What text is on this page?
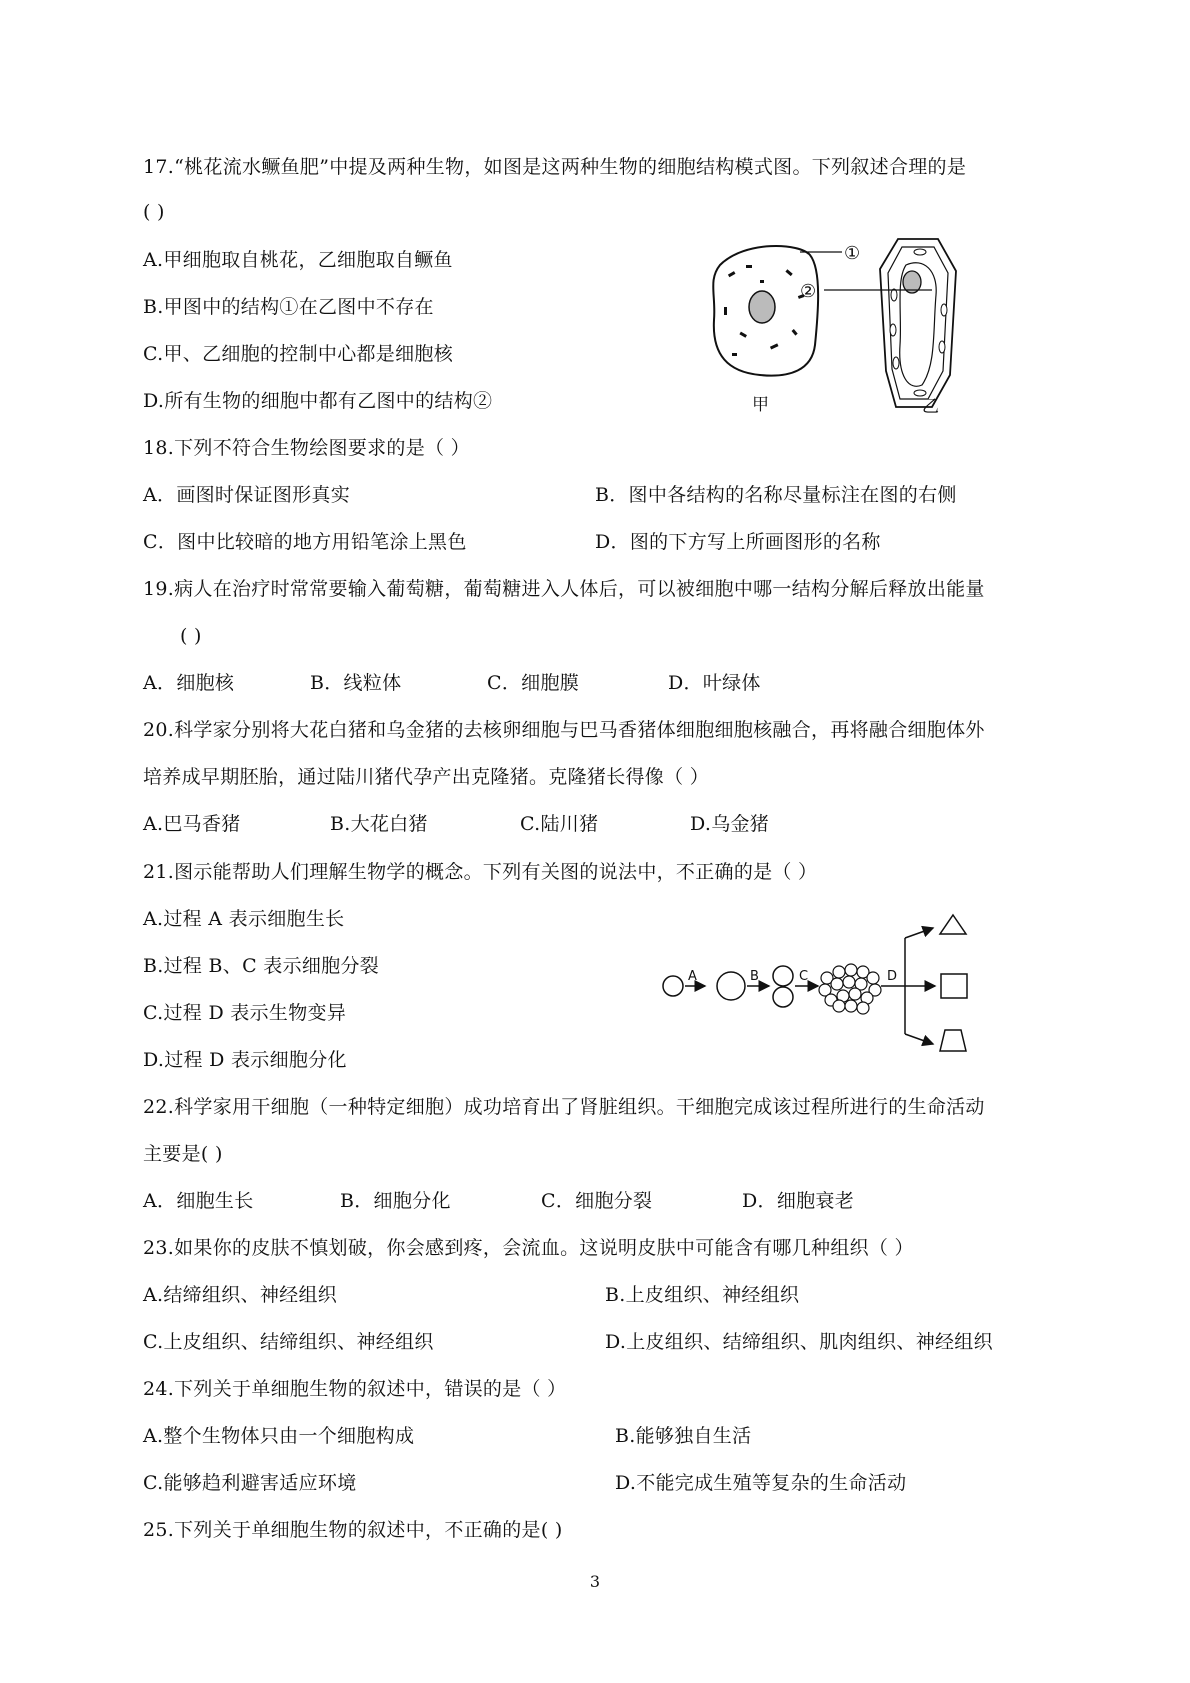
17.“桃花流水鳜鱼肥”中提及两种生物，如图是这两种生物的细胞结构模式图。下列叙述合理的是
( )
A.甲细胞取自桃花，乙细胞取自鳜鱼
B.甲图中的结构①在乙图中不存在
C.甲、乙细胞的控制中心都是细胞核
D.所有生物的细胞中都有乙图中的结构②
①
②
甲	乙
18.下列不符合生物绘图要求的是（ ）
A．画图时保证图形真实	B．图中各结构的名称尽量标注在图的右侧
C．图中比较暗的地方用铅笔涂上黑色	D．图的下方写上所画图形的名称
19.病人在治疗时常常要输入葡萄糖，葡萄糖进入人体后，可以被细胞中哪一结构分解后释放出能量
( )
A．细胞核	B．线粒体	C．细胞膜	D．叶绿体
20.科学家分别将大花白猪和乌金猪的去核卵细胞与巴马香猪体细胞细胞核融合，再将融合细胞体外
培养成早期胚胎，通过陆川猪代孕产出克隆猪。克隆猪长得像（ ）
A.巴马香猪	B.大花白猪	C.陆川猪	D.乌金猪
21.图示能帮助人们理解生物学的概念。下列有关图的说法中，不正确的是（ ）
A.过程 A 表示细胞生长
B.过程 B、C 表示细胞分裂
C.过程 D 表示生物变异
D.过程 D 表示细胞分化
A	B	C	D
22.科学家用干细胞（一种特定细胞）成功培育出了肾脏组织。干细胞完成该过程所进行的生命活动
主要是( )
A．细胞生长	B．细胞分化	C．细胞分裂	D．细胞衰老
23.如果你的皮肤不慎划破，你会感到疼，会流血。这说明皮肤中可能含有哪几种组织（ ）
A.结缔组织、神经组织	B.上皮组织、神经组织
C.上皮组织、结缔组织、神经组织	D.上皮组织、结缔组织、肌肉组织、神经组织
24.下列关于单细胞生物的叙述中，错误的是（ ）
A.整个生物体只由一个细胞构成	B.能够独自生活
C.能够趋利避害适应环境	D.不能完成生殖等复杂的生命活动
25.下列关于单细胞生物的叙述中，不正确的是( )
3
